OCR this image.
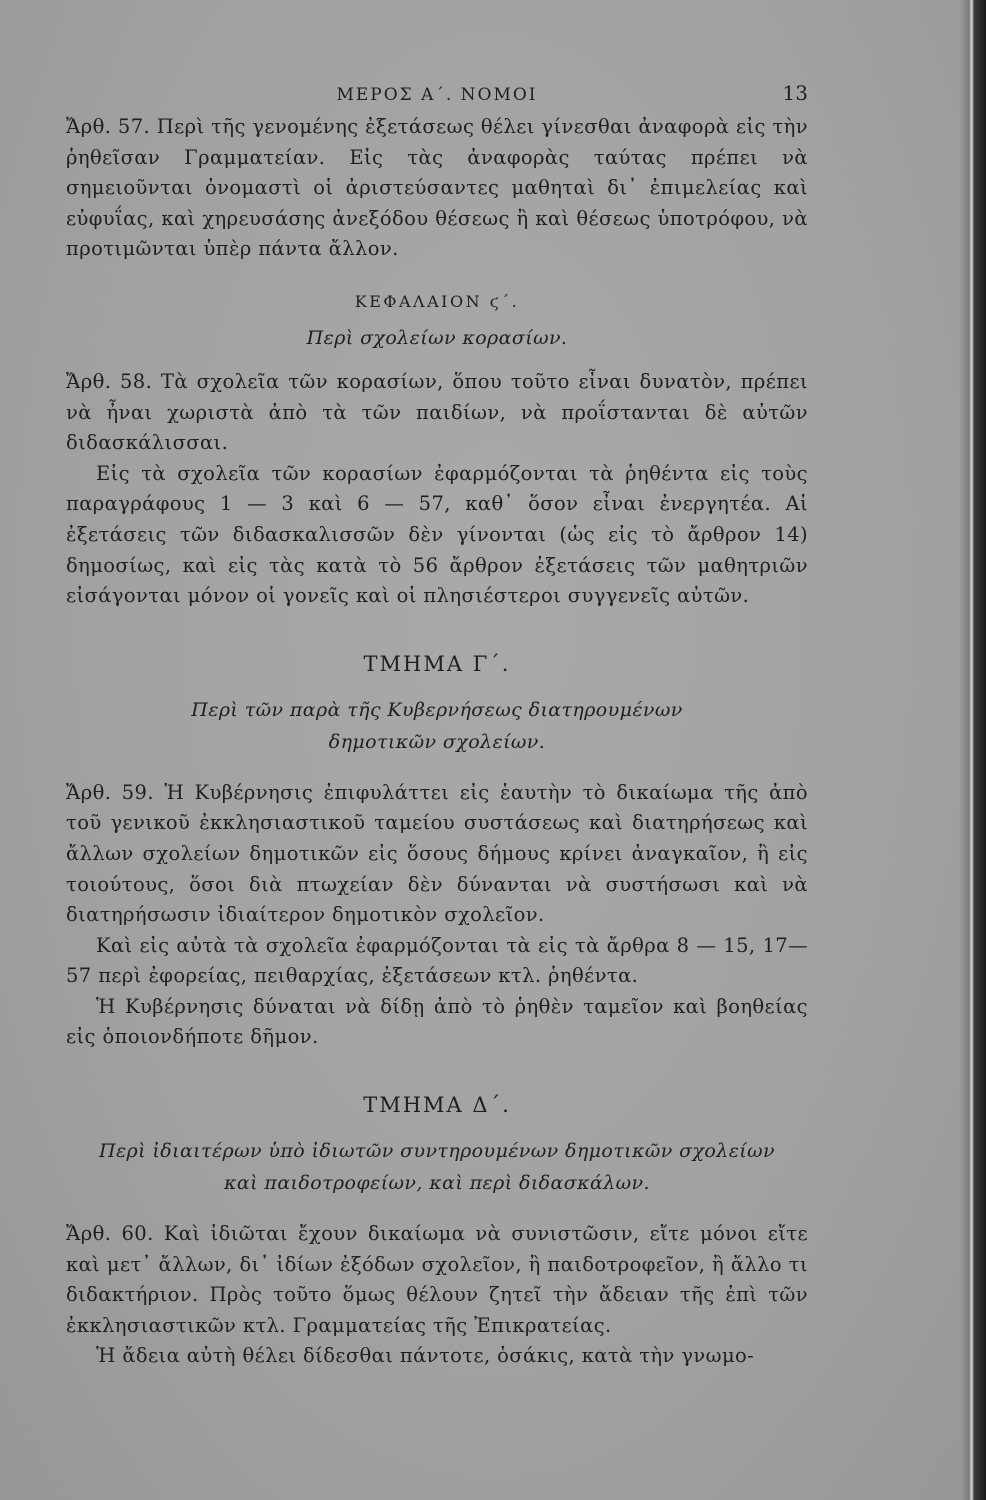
ΜΕΡΟΣ Α΄. ΝΟΜΟΙ	13

Ἄρθ. 57. Περὶ τῆς γενομένης ἐξετάσεως θέλει γίνεσθαι ἀναφορὰ εἰς τὴν ῥηθεῖσαν Γραμματείαν. Εἰς τὰς ἀναφορὰς ταύτας πρέπει νὰ σημειοῦνται ὀνομαστὶ οἱ ἀριστεύσαντες μαθηταὶ δι᾿ ἐπιμελείας καὶ εὐφυΐας, καὶ χηρευσάσης ἀνεξόδου θέσεως ἢ καὶ θέσεως ὑποτρόφου, νὰ προτιμῶνται ὑπὲρ πάντα ἄλλον.

ΚΕΦΑΛΑΙΟΝ ϛ΄.
Περὶ σχολείων κορασίων.

Ἄρθ. 58. Τὰ σχολεῖα τῶν κορασίων, ὅπου τοῦτο εἶναι δυνατὸν, πρέπει νὰ ἦναι χωριστὰ ἀπὸ τὰ τῶν παιδίων, νὰ προΐστανται δὲ αὐτῶν διδασκάλισσαι.

Εἰς τὰ σχολεῖα τῶν κορασίων ἐφαρμόζονται τὰ ῥηθέντα εἰς τοὺς παραγράφους 1 — 3 καὶ 6 — 57, καθ᾿ ὅσον εἶναι ἐνεργητέα. Αἱ ἐξετάσεις τῶν διδασκαλισσῶν δὲν γίνονται (ὡς εἰς τὸ ἄρθρον 14) δημοσίως, καὶ εἰς τὰς κατὰ τὸ 56 ἄρθρον ἐξετάσεις τῶν μαθητριῶν εἰσάγονται μόνον οἱ γονεῖς καὶ οἱ πλησιέστεροι συγγενεῖς αὐτῶν.

ΤΜΗΜΑ Γ΄.
Περὶ τῶν παρὰ τῆς Κυβερνήσεως διατηρουμένων
δημοτικῶν σχολείων.

Ἄρθ. 59. Ἡ Κυβέρνησις ἐπιφυλάττει εἰς ἑαυτὴν τὸ δικαίωμα τῆς ἀπὸ τοῦ γενικοῦ ἐκκλησιαστικοῦ ταμείου συστάσεως καὶ διατηρήσεως καὶ ἄλλων σχολείων δημοτικῶν εἰς ὅσους δήμους κρίνει ἀναγκαῖον, ἢ εἰς τοιούτους, ὅσοι διὰ πτωχείαν δὲν δύνανται νὰ συστήσωσι καὶ νὰ διατηρήσωσιν ἰδιαίτερον δημοτικὸν σχολεῖον.

Καὶ εἰς αὐτὰ τὰ σχολεῖα ἐφαρμόζονται τὰ εἰς τὰ ἄρθρα 8 — 15, 17—57 περὶ ἐφορείας, πειθαρχίας, ἐξετάσεων κτλ. ῥηθέντα.

Ἡ Κυβέρνησις δύναται νὰ δίδῃ ἀπὸ τὸ ῥηθὲν ταμεῖον καὶ βοηθείας εἰς ὁποιονδήποτε δῆμον.

ΤΜΗΜΑ Δ΄.
Περὶ ἰδιαιτέρων ὑπὸ ἰδιωτῶν συντηρουμένων δημοτικῶν σχολείων
καὶ παιδοτροφείων, καὶ περὶ διδασκάλων.

Ἄρθ. 60. Καὶ ἰδιῶται ἔχουν δικαίωμα νὰ συνιστῶσιν, εἴτε μόνοι εἴτε καὶ μετ᾿ ἄλλων, δι᾿ ἰδίων ἐξόδων σχολεῖον, ἢ παιδοτροφεῖον, ἢ ἄλλο τι διδακτήριον. Πρὸς τοῦτο ὅμως θέλουν ζητεῖ τὴν ἄδειαν τῆς ἐπὶ τῶν ἐκκλησιαστικῶν κτλ. Γραμματείας τῆς Ἐπικρατείας.

Ἡ ἄδεια αὐτὴ θέλει δίδεσθαι πάντοτε, ὁσάκις, κατὰ τὴν γνωμο-
